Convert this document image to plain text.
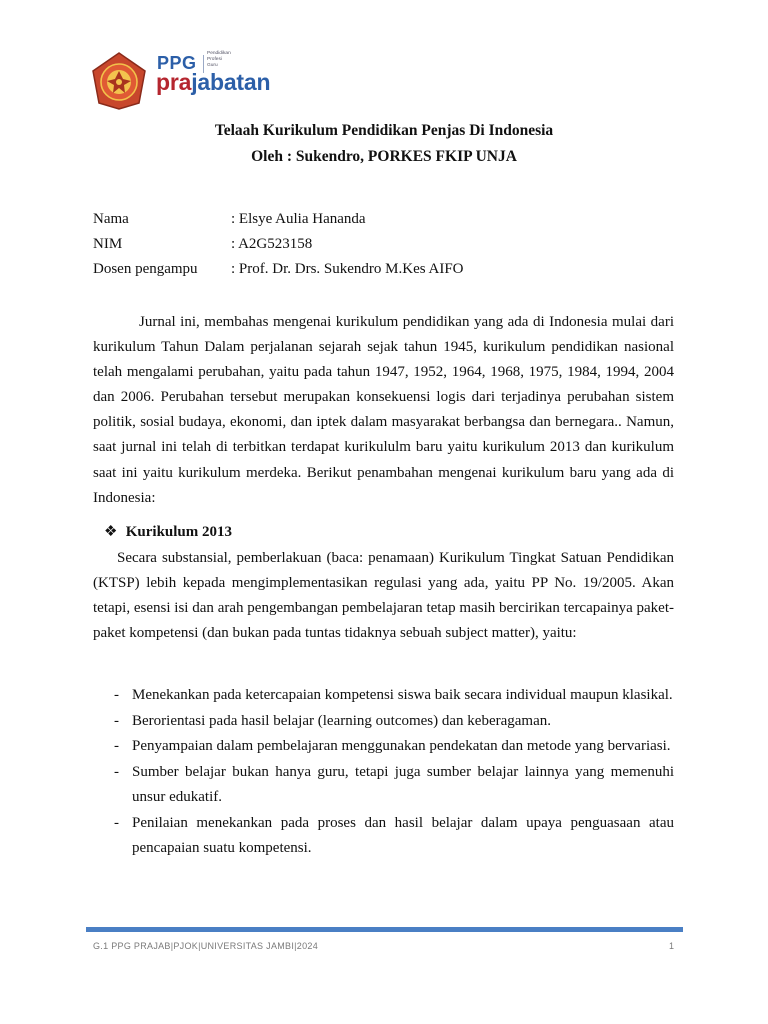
PPG Pendidikan
Profesi
Guru
prajabatan
Telaah Kurikulum Pendidikan Penjas Di Indonesia
Oleh : Sukendro, PORKES FKIP UNJA
Nama	: Elsye Aulia Hananda
NIM	: A2G523158
Dosen pengampu : Prof. Dr. Drs. Sukendro M.Kes AIFO

Jurnal ini, membahas mengenai kurikulum pendidikan yang ada di Indonesia mulai dari kurikulum Tahun Dalam perjalanan sejarah sejak tahun 1945, kurikulum pendidikan nasional telah mengalami perubahan, yaitu pada tahun 1947, 1952, 1964, 1968, 1975, 1984, 1994, 2004 dan 2006. Perubahan tersebut merupakan konsekuensi logis dari terjadinya perubahan sistem politik, sosial budaya, ekonomi, dan iptek dalam masyarakat berbangsa dan bernegara.. Namun, saat jurnal ini telah di terbitkan terdapat kurikululm baru yaitu kurikulum 2013 dan kurikulum saat ini yaitu kurikulum merdeka. Berikut penambahan mengenai kurikulum baru yang ada di Indonesia:

❖ Kurikulum 2013

Secara substansial, pemberlakuan (baca: penamaan) Kurikulum Tingkat Satuan Pendidikan (KTSP) lebih kepada mengimplementasikan regulasi yang ada, yaitu PP No. 19/2005. Akan tetapi, esensi isi dan arah pengembangan pembelajaran tetap masih bercirikan tercapainya paket-paket kompetensi (dan bukan pada tuntas tidaknya sebuah subject matter), yaitu:

- Menekankan pada ketercapaian kompetensi siswa baik secara individual maupun klasikal.
- Berorientasi pada hasil belajar (learning outcomes) dan keberagaman.
- Penyampaian dalam pembelajaran menggunakan pendekatan dan metode yang bervariasi.
- Sumber belajar bukan hanya guru, tetapi juga sumber belajar lainnya yang memenuhi unsur edukatif.
- Penilaian menekankan pada proses dan hasil belajar dalam upaya penguasaan atau pencapaian suatu kompetensi.
G.1 PPG PRAJAB|PJOK|UNIVERSITAS JAMBI|2024	1
